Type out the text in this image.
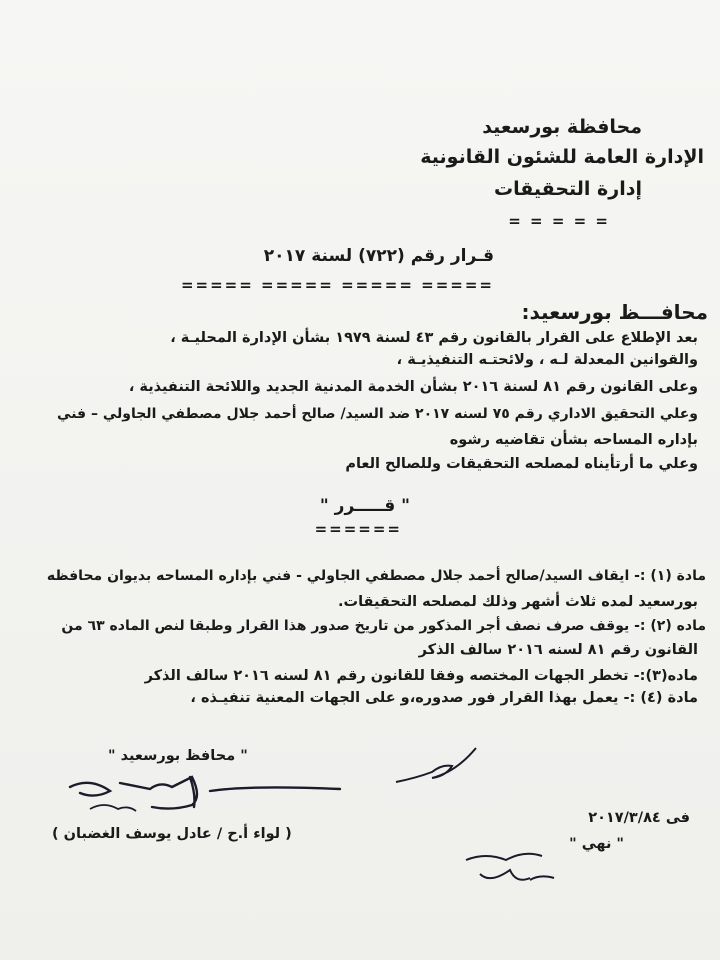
محافظة بورسعيد
الإدارة العامة للشئون القانونية
إدارة التحقيقات
= = = = =
قـرار رقم (٧٢٢) لسنة ٢٠١٧
===== ===== ===== =====
محافـــظ بورسعيد:
بعد الإطلاع على القرار بالقانون رقم ٤٣ لسنة ١٩٧٩ بشأن الإدارة المحليـة ،
والقوانين المعدلة لـه ، ولائحتـه التنفيذيـة ،
وعلى القانون رقم ٨١ لسنة ٢٠١٦ بشأن الخدمة المدنية الجديد واللائحة التنفيذية ،
وعلي التحقيق الاداري رقم ٧٥ لسنه ٢٠١٧ ضد السيد/ صالح أحمد جلال مصطفي الجاولي – فني
بإداره المساحه بشأن تقاضيه رشوه
وعلي ما أرتأيناه لمصلحه التحقيقات وللصالح العام
" قـــــرر "
======
مادة (١) :- ايقاف السيد/صالح أحمد جلال مصطفي الجاولي - فني بإداره المساحه بديوان محافظه
بورسعيد لمده ثلاث أشهر وذلك لمصلحه التحقيقات.
ماده (٢) :- يوقف صرف نصف أجر المذكور من تاريخ صدور هذا القرار وطبقا لنص الماده ٦٣ من
القانون رقم ٨١ لسنه ٢٠١٦ سالف الذكر
ماده(٣):- تخطر الجهات المختصه وفقا للقانون رقم ٨١ لسنه ٢٠١٦ سالف الذكر
مادة (٤) :- يعمل بهذا القرار فور صدوره،و على الجهات المعنية تنفيـذه ،
" محافظ بورسعيد "
( لواء أ.ح / عادل يوسف الغضبان )
فى ٢٠١٧/٣/٨٤
" نهي "
